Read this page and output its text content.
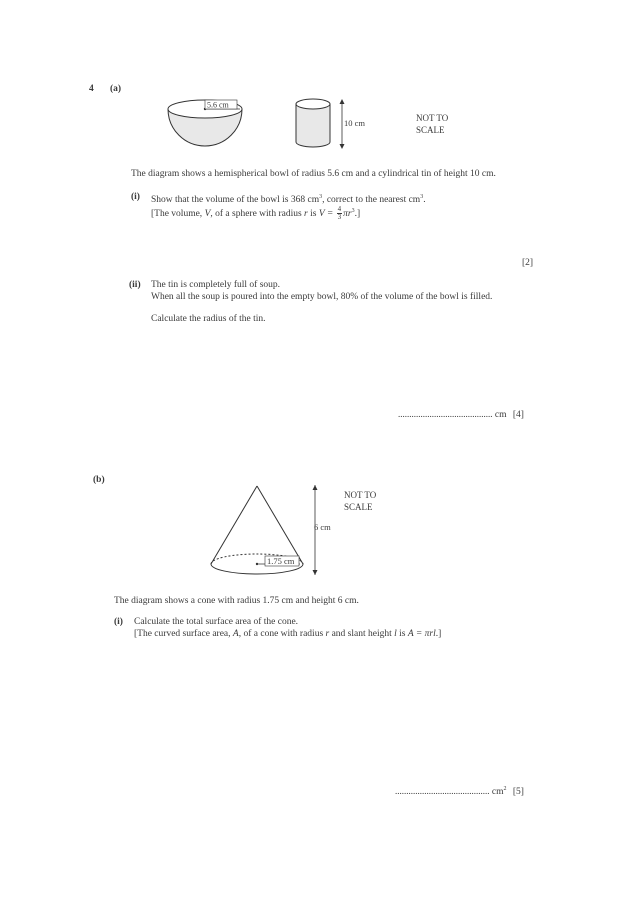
4 (a)
5.6 cm
10 cm	NOT TO
SCALE
The diagram shows a hemispherical bowl of radius 5.6 cm and a cylindrical tin of height 10 cm.
(i) Show that the volume of the bowl is 368 $cm^3$, correct to the nearest $cm^3$.
[The volume, V, of a sphere with radius r is $V = \frac{4}{3} \pi r^3$.]
[2]
(ii) The tin is completely full of soup.
When all the soup is poured into the empty bowl, 80% of the volume of the bowl is filled.
Calculate the radius of the tin.
.......................................... cm [4]
(b)
1.75 cm
6 cm
NOT TO
SCALE
The diagram shows a cone with radius 1.75 cm and height 6 cm.
(i) Calculate the total surface area of the cone.
[The curved surface area, A, of a cone with radius r and slant height l is A = πrl.]
.......................................... $cm^2$ [5]
